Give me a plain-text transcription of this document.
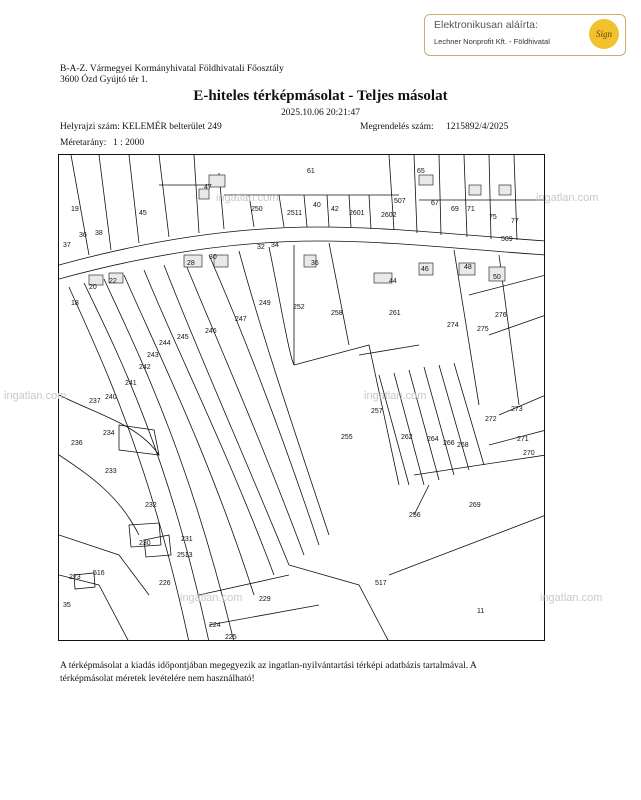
Elektronikusan aláírta:
Lechner Nonprofit Kft. - Földhivatal
Sign
B-A-Z. Vármegyei Kormányhivatal Földhivatali Főosztály
3600 Ózd Gyújtó tér 1.
E-hiteles térképmásolat - Teljes másolat
2025.10.06 20:21:47
Helyrajzi szám: KELEMÉR belterület 249	Megrendelés szám: 1215892/4/2025
Méretarány: 1 : 2000
19
36
37
38
45
47
61	65
67
69 71
75
77
250
2511
40
42
2601 2602
507
509
28
30
32 34
36
44
46	48
50
22
20
18	249
247
246
245
244
243
242
241
240
252
258	261
274
275
276
273
272
271
270
257
255	262 264
266 268
269
256
517
237
236
234
233
232
230
231
2513
226
229
224
225
223
516
35
11
ingatlan.com	ingatlan.com
ingatlan.com	ingatlan.com
ingatlan.com	ingatlan.com
A térképmásolat a kiadás időpontjában megegyezik az ingatlan-nyilvántartási térképi adatbázis tartalmával. A
térképmásolat méretek levételére nem használható!
